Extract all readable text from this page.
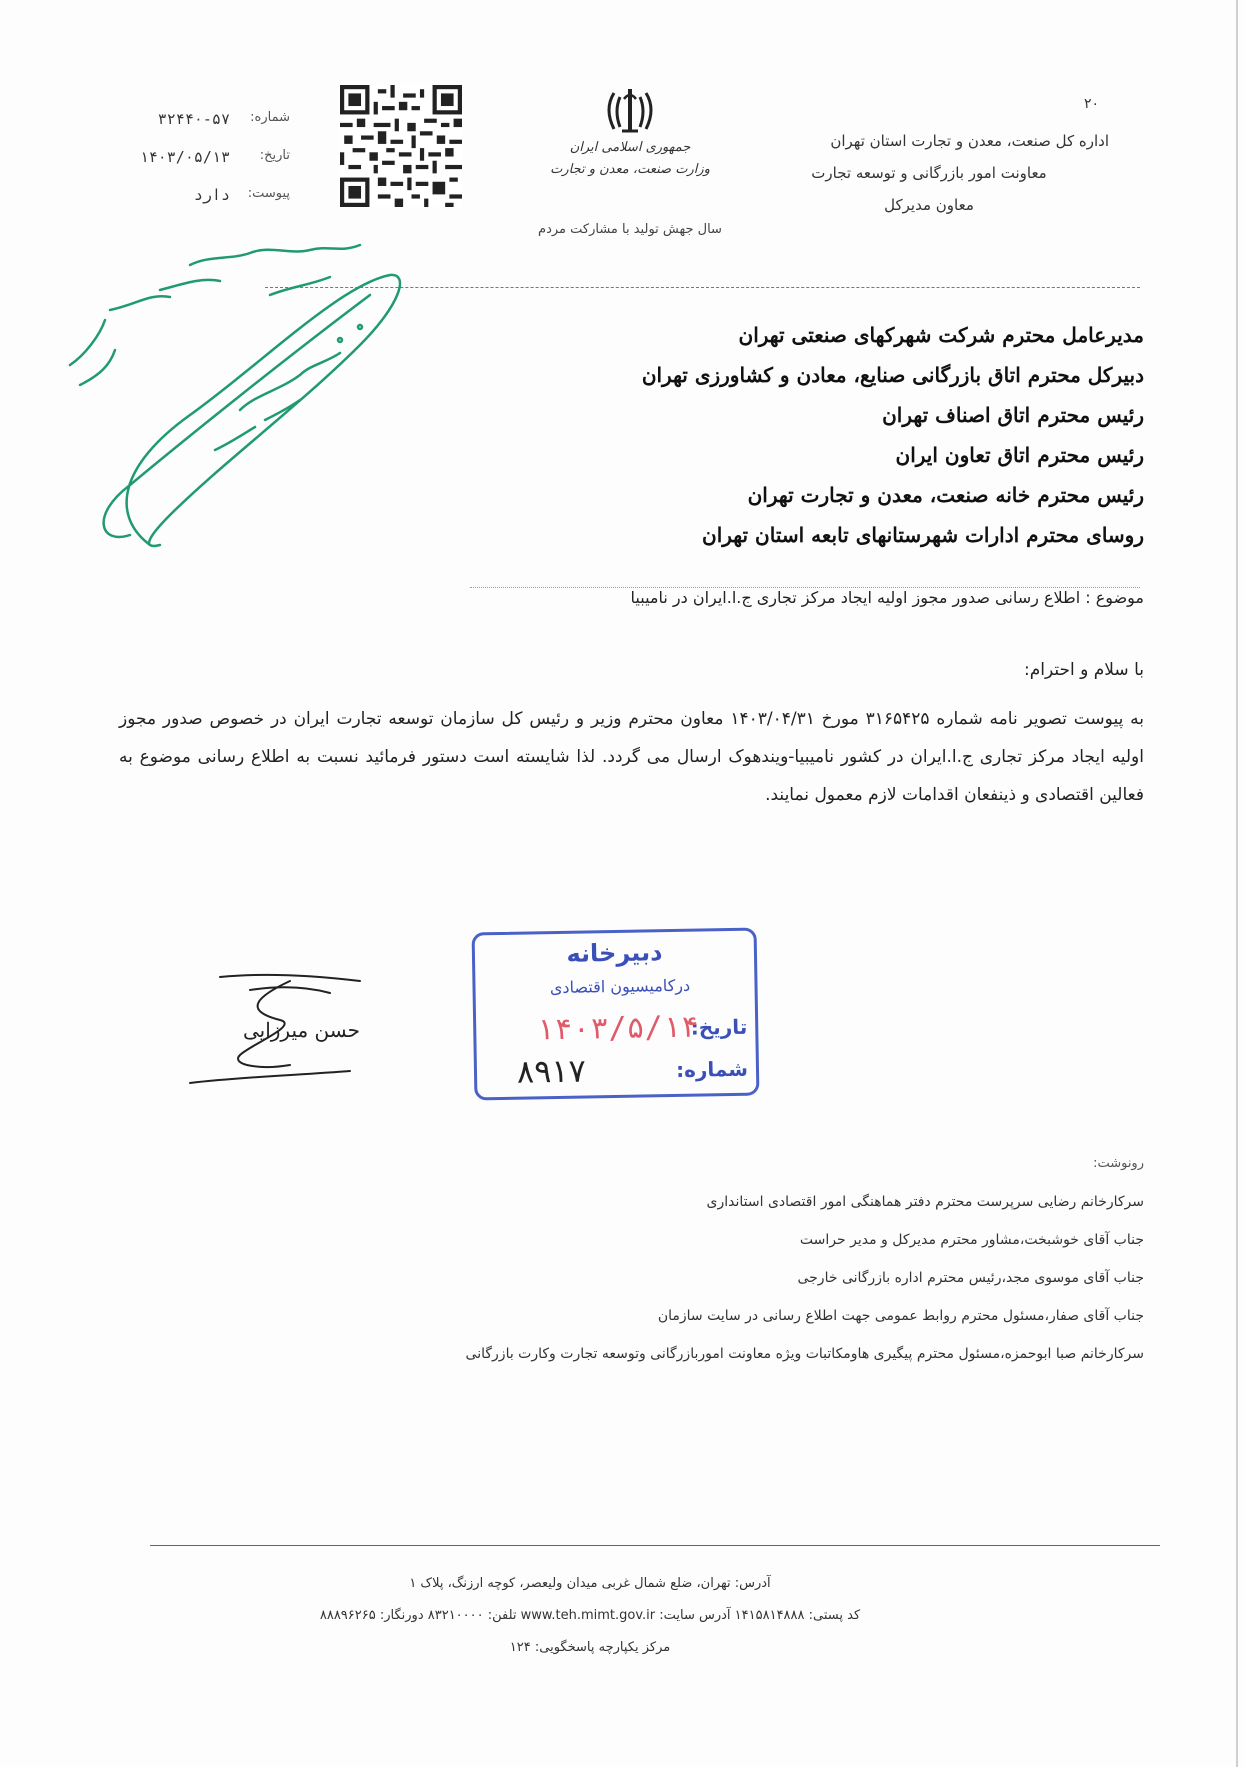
۲۰
اداره کل صنعت، معدن و تجارت استان تهران
معاونت امور بازرگانی و توسعه تجارت
معاون مدیرکل
جمهوری اسلامی ایران
وزارت صنعت، معدن و تجارت
سال جهش تولید با مشارکت مردم
شماره:
۳۲۴۴۰-۵۷
تاریخ:
۱۴۰۳/۰۵/۱۳
پیوست:
دارد
مدیرعامل محترم شرکت شهرکهای صنعتی تهران
دبیرکل محترم اتاق بازرگانی صنایع، معادن و کشاورزی تهران
رئیس محترم اتاق اصناف تهران
رئیس محترم اتاق تعاون ایران
رئیس محترم خانه صنعت، معدن و تجارت تهران
روسای محترم ادارات شهرستانهای تابعه استان تهران
موضوع : اطلاع رسانی صدور مجوز اولیه ایجاد مرکز تجاری ج.ا.ایران در نامیبیا
با سلام و احترام:
به پیوست تصویر نامه شماره ۳۱۶۵۴۲۵ مورخ ۱۴۰۳/۰۴/۳۱ معاون محترم وزیر و رئیس کل سازمان توسعه تجارت ایران در خصوص صدور مجوز اولیه ایجاد مرکز تجاری ج.ا.ایران در کشور نامیبیا-ویندهوک ارسال می گردد. لذا شایسته است دستور فرمائید نسبت به اطلاع رسانی موضوع به فعالین اقتصادی و ذینفعان اقدامات لازم معمول نمایند.
دبیرخانه
درکامیسیون اقتصادی
تاریخ:
شماره:
۱۴۰۳/۵/۱۴
۸۹۱۷
حسن میرزایی
رونوشت:
سرکارخانم رضایی سرپرست محترم دفتر هماهنگی امور اقتصادی استانداری
جناب آقای خوشبخت،مشاور محترم مدیرکل و مدیر حراست
جناب آقای موسوی مجد،رئیس محترم اداره بازرگانی خارجی
جناب آقای صفار،مسئول محترم روابط عمومی جهت اطلاع رسانی در سایت سازمان
سرکارخانم صبا ابوحمزه،مسئول محترم پیگیری هاومکاتبات ویژه معاونت اموربازرگانی وتوسعه تجارت وکارت بازرگانی
آدرس: تهران، ضلع شمال غربی میدان ولیعصر، کوچه ارزنگ، پلاک ۱
کد پستی: ۱۴۱۵۸۱۴۸۸۸ آدرس سایت: www.teh.mimt.gov.ir تلفن: ۸۳۲۱۰۰۰۰ دورنگار: ۸۸۸۹۶۲۶۵
مرکز یکپارچه پاسخگویی: ۱۲۴
